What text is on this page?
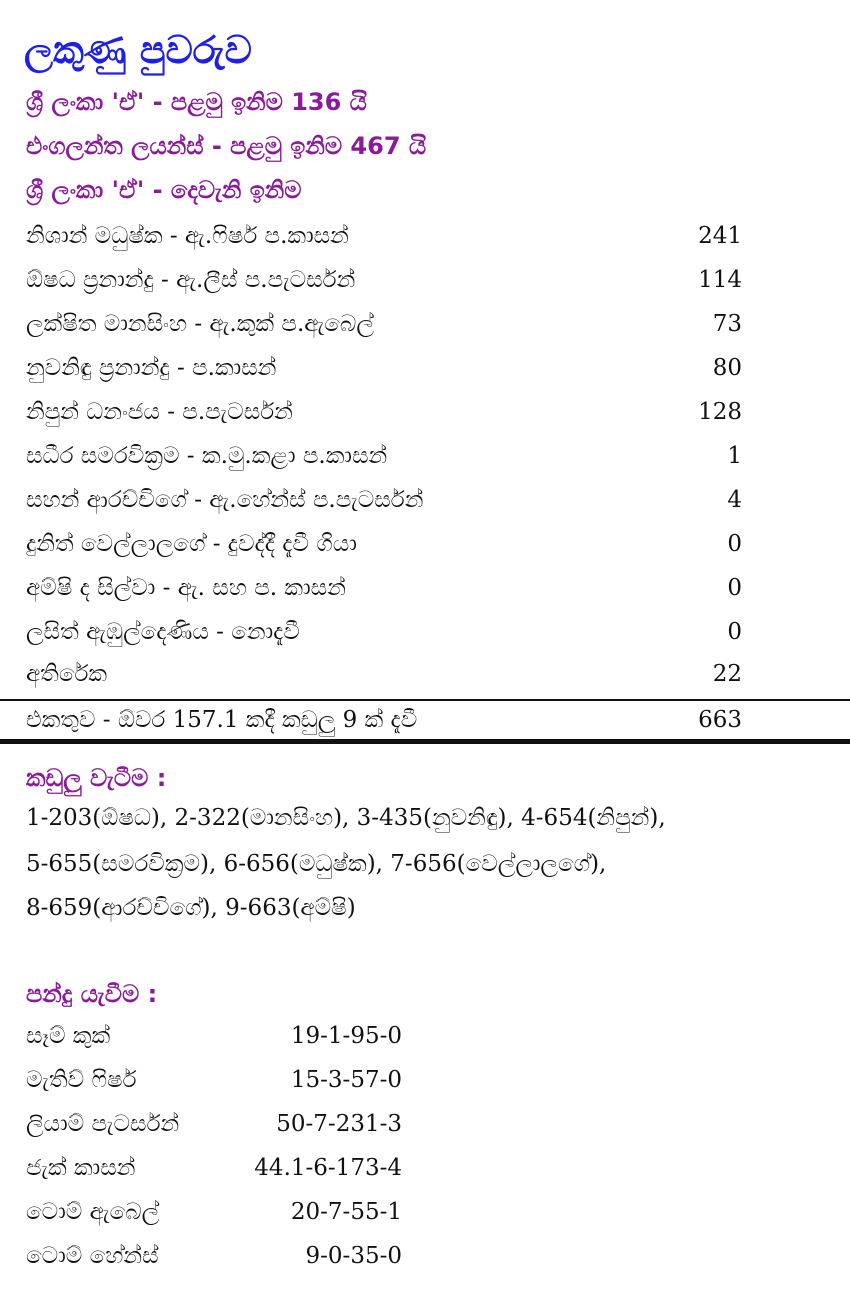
ලකුණු පුවරුව
ශ්‍රී ලංකා 'ඒ' - පළමු ඉනිම 136 යි
එංගලන්ත ලයන්ස් - පළමු ඉනිම 467 යි
ශ්‍රී ලංකා 'ඒ' - දෙවැනි ඉනිම
නිශාන් මධුෂ්ක - ඇ.ෆිෂර් ප.කාසන්	241
ඕෂධ ප්‍රනාන්දු - ඇ.ලීස් ප.පැටර්සන්	114
ලක්ෂිත මානසිංහ - ඇ.කුක් ප.ඇබෙල්	73
නුවනිඳු ප්‍රනාන්දු - ප.කාසන්	80
නිපුන් ධනංජය - ප.පැටර්සන්	128
සධීර සමරවික්‍රම - ක.මු.කළා ප.කාසන්	1
සහන් ආරච්චිගේ - ඇ.හේන්ස් ප.පැටර්සන්	4
දුනිත් වෙල්ලාලගේ - දුවද්දී දැවී ගියා	0
අම්ෂි ද සිල්වා - ඇ. සහ ප. කාසන්	0
ලසිත් ඇඹුල්දෙණිය - නොදැවී	0
අතිරේක	22
එකතුව - ඕවර 157.1 කදී කඩුලු 9 ක් දැවී	663
කඩුලු වැටීම :
1-203(ඕෂධ), 2-322(මානසිංහ), 3-435(නුවනිඳු), 4-654(නිපුන්),
5-655(සමරවික්‍රම), 6-656(මධුෂ්ක), 7-656(වෙල්ලාලගේ),
8-659(ආරච්චිගේ), 9-663(අම්ෂි)
පන්දු යැවීම :
සෑම් කුක්	19-1-95-0
මැතිව් ෆිෂර්	15-3-57-0
ලියාම් පැටර්සන්	50-7-231-3
ජැක් කාසන්	44.1-6-173-4
ටොම් ඇබෙල්	20-7-55-1
ටොම් හේන්ස්	9-0-35-0
